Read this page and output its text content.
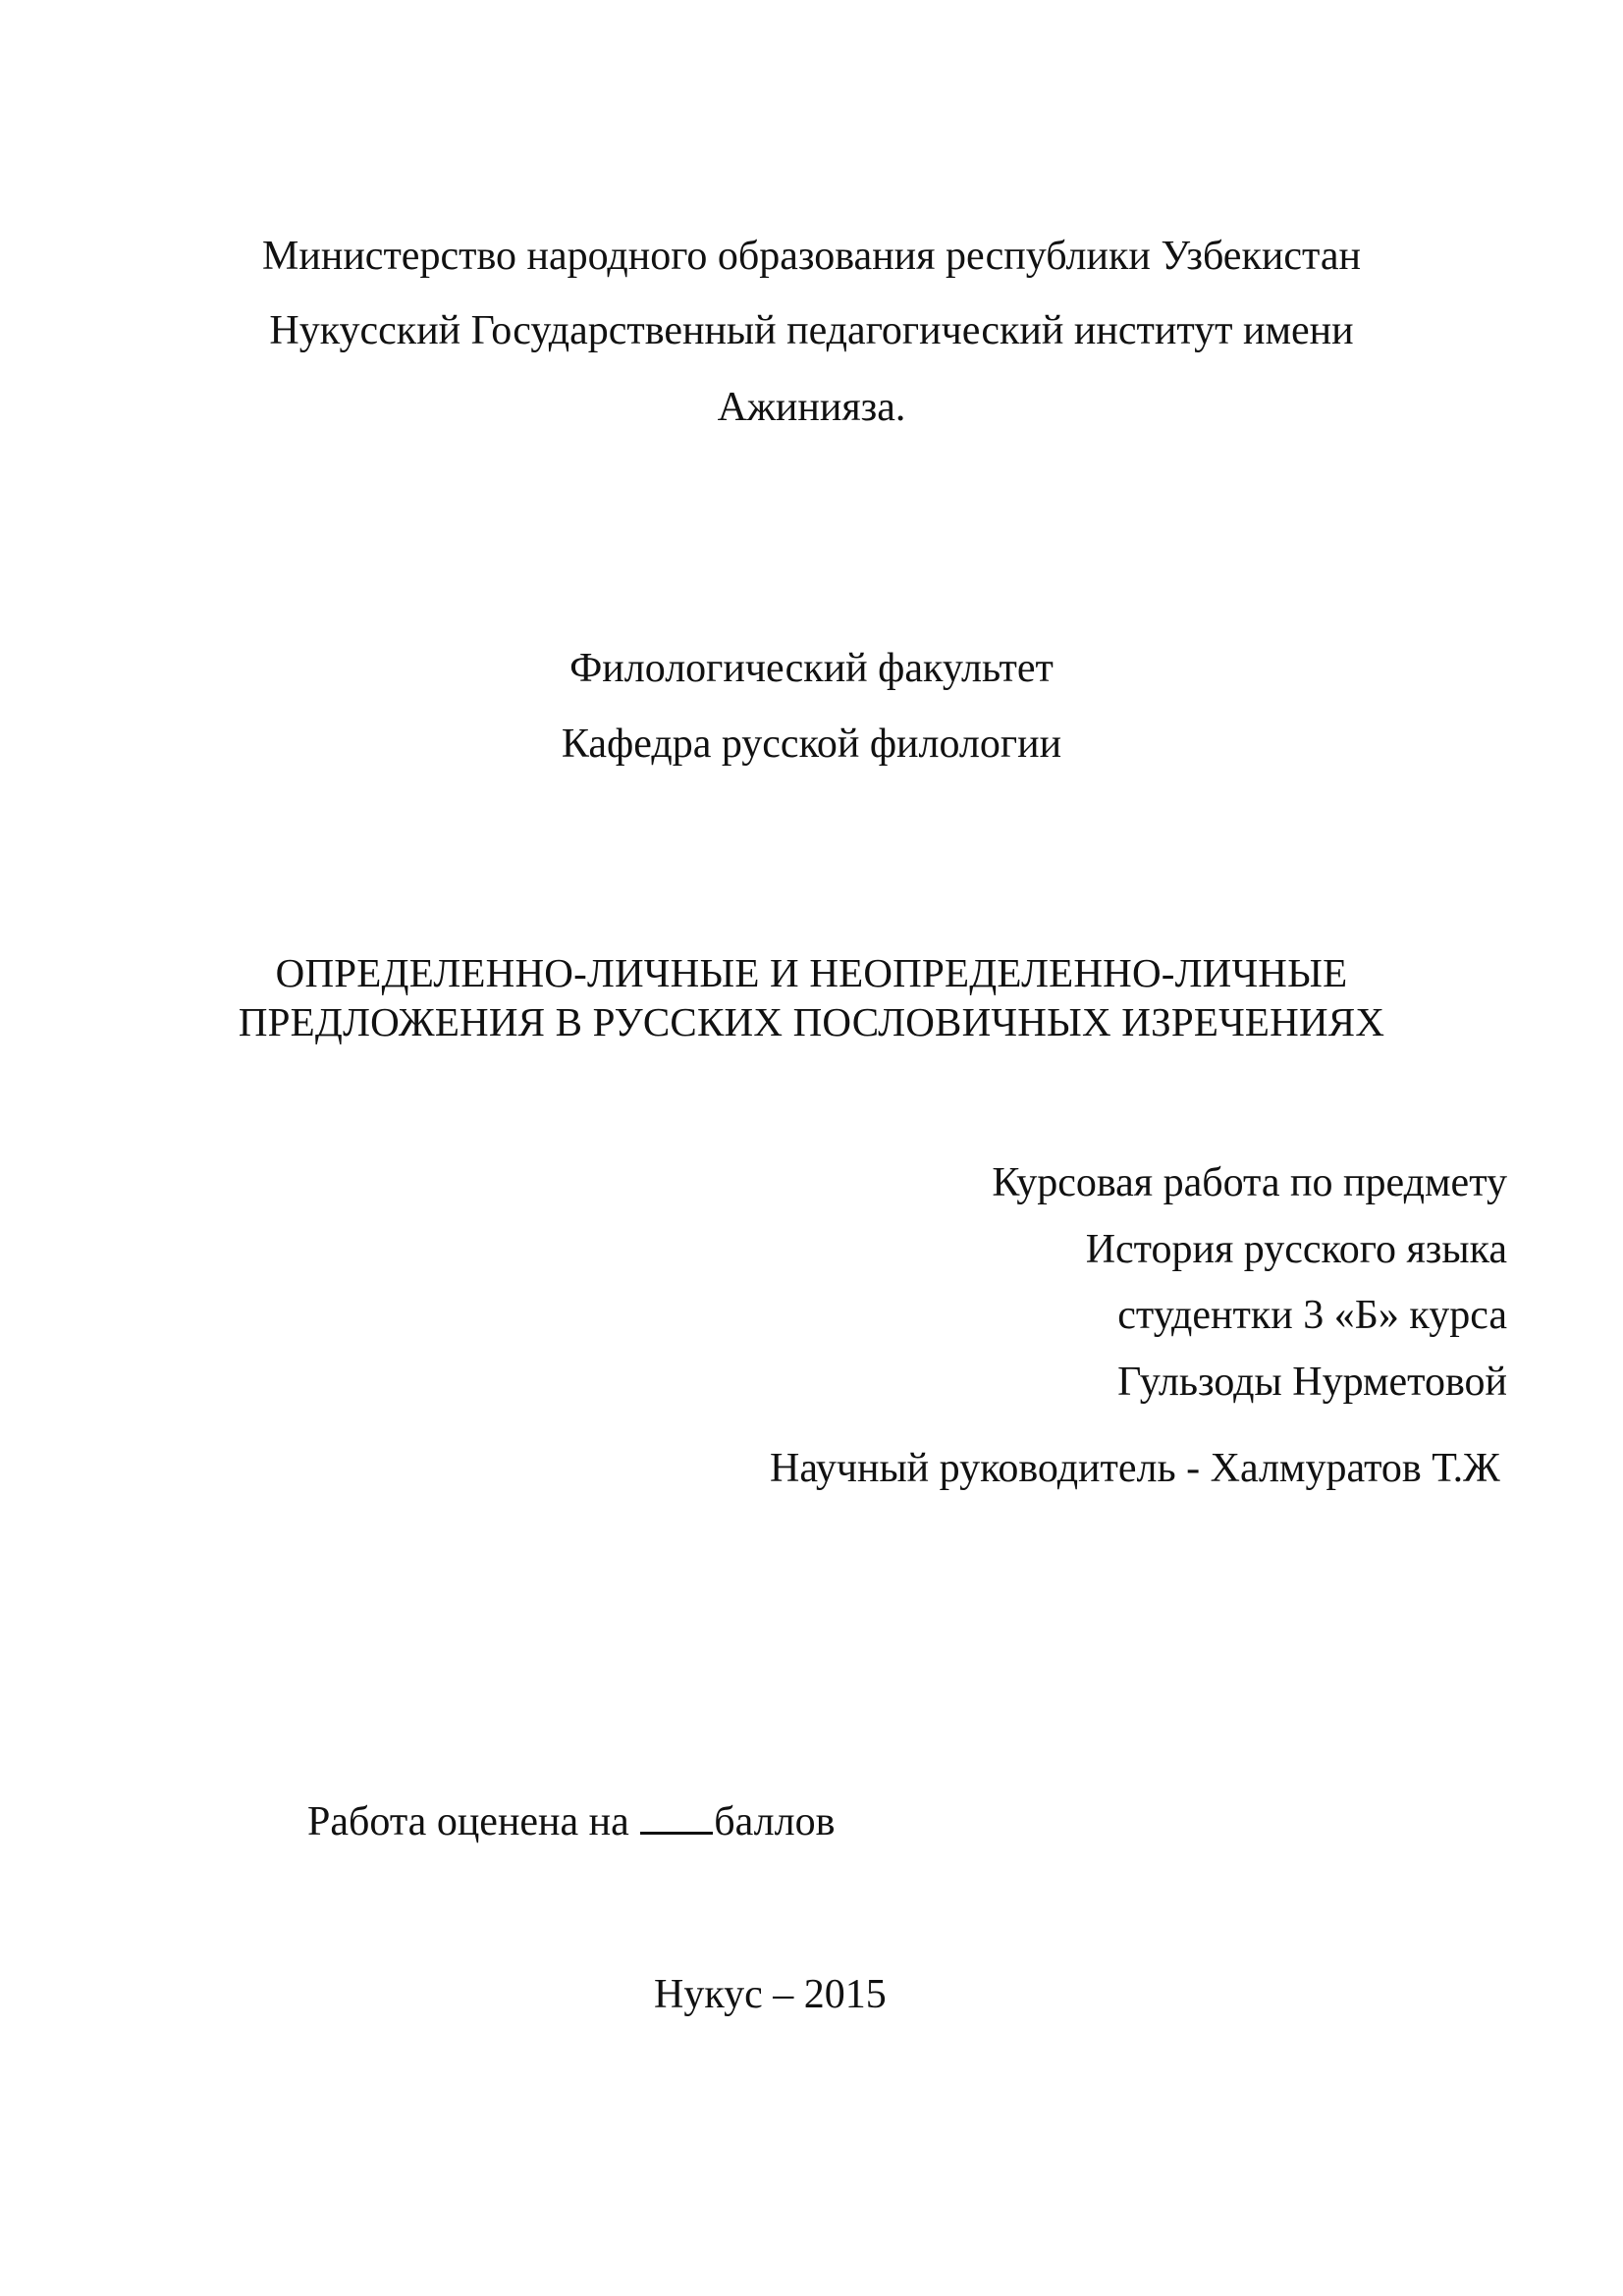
Министерство народного образования республики Узбекистан
Нукусский Государственный педагогический институт имени
Ажинияза.
Филологический факультет
Кафедра русской филологии
ОПРЕДЕЛЕННО-ЛИЧНЫЕ И НЕОПРЕДЕЛЕННО-ЛИЧНЫЕ
ПРЕДЛОЖЕНИЯ В РУССКИХ ПОСЛОВИЧНЫХ ИЗРЕЧЕНИЯХ
Курсовая работа по предмету
История русского языка
студентки 3 «Б» курса
Гульзоды Нурметовой
Научный руководитель - Халмуратов Т.Ж
Работа оценена на баллов
Нукус – 2015
